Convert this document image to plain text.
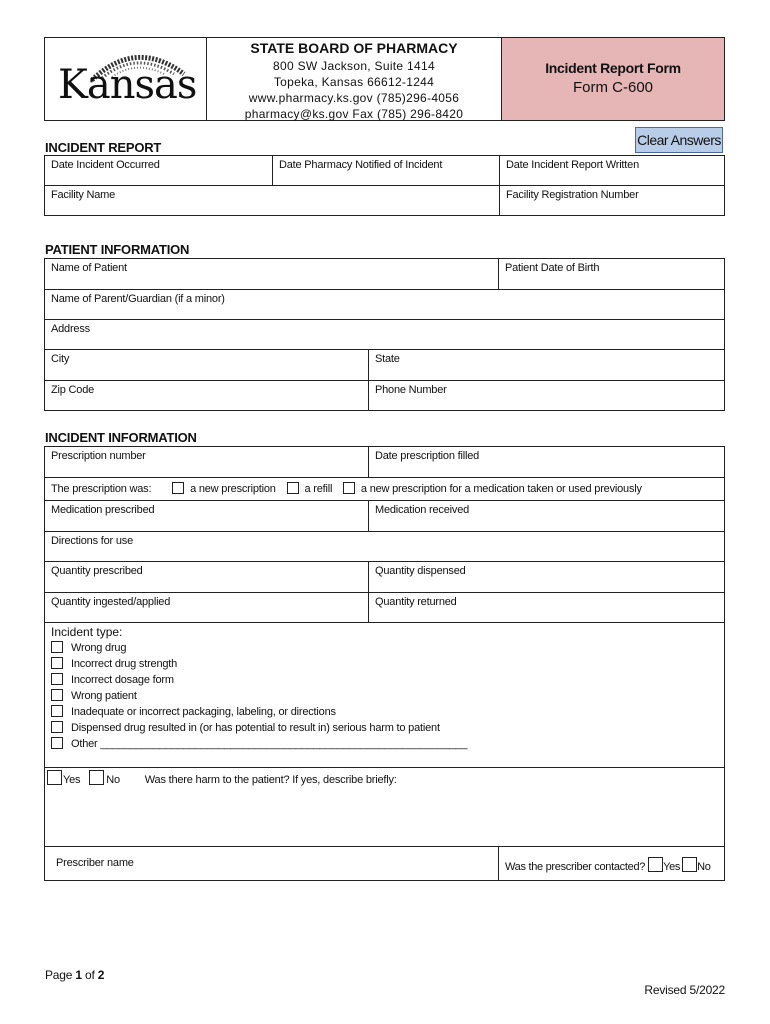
Kansas
STATE BOARD OF PHARMACY
800 SW Jackson, Suite 1414
Topeka, Kansas 66612-1244
www.pharmacy.ks.gov (785)296-4056
pharmacy@ks.gov Fax (785) 296-8420
Incident Report Form
Form C-600
Clear Answers
INCIDENT REPORT
Date Incident Occurred	Date Pharmacy Notified of Incident	Date Incident Report Written
Facility Name	Facility Registration Number
PATIENT INFORMATION
Name of Patient	Patient Date of Birth
Name of Parent/Guardian (if a minor)
Address
City	State
Zip Code	Phone Number
INCIDENT INFORMATION
Prescription number	Date prescription filled
The prescription was:	a new prescription	a refill	a new prescription for a medication taken or used previously
Medication prescribed	Medication received
Directions for use
Quantity prescribed	Quantity dispensed
Quantity ingested/applied	Quantity returned
Incident type:
Wrong drug
Incorrect drug strength
Incorrect dosage form
Wrong patient
Inadequate or incorrect packaging, labeling, or directions
Dispensed drug resulted in (or has potential to result in) serious harm to patient
Other ______________________________________________________________
Yes No Was there harm to the patient? If yes, describe briefly:
Prescriber name	Was the prescriber contacted? Yes No
Page 1 of 2
Revised 5/2022
